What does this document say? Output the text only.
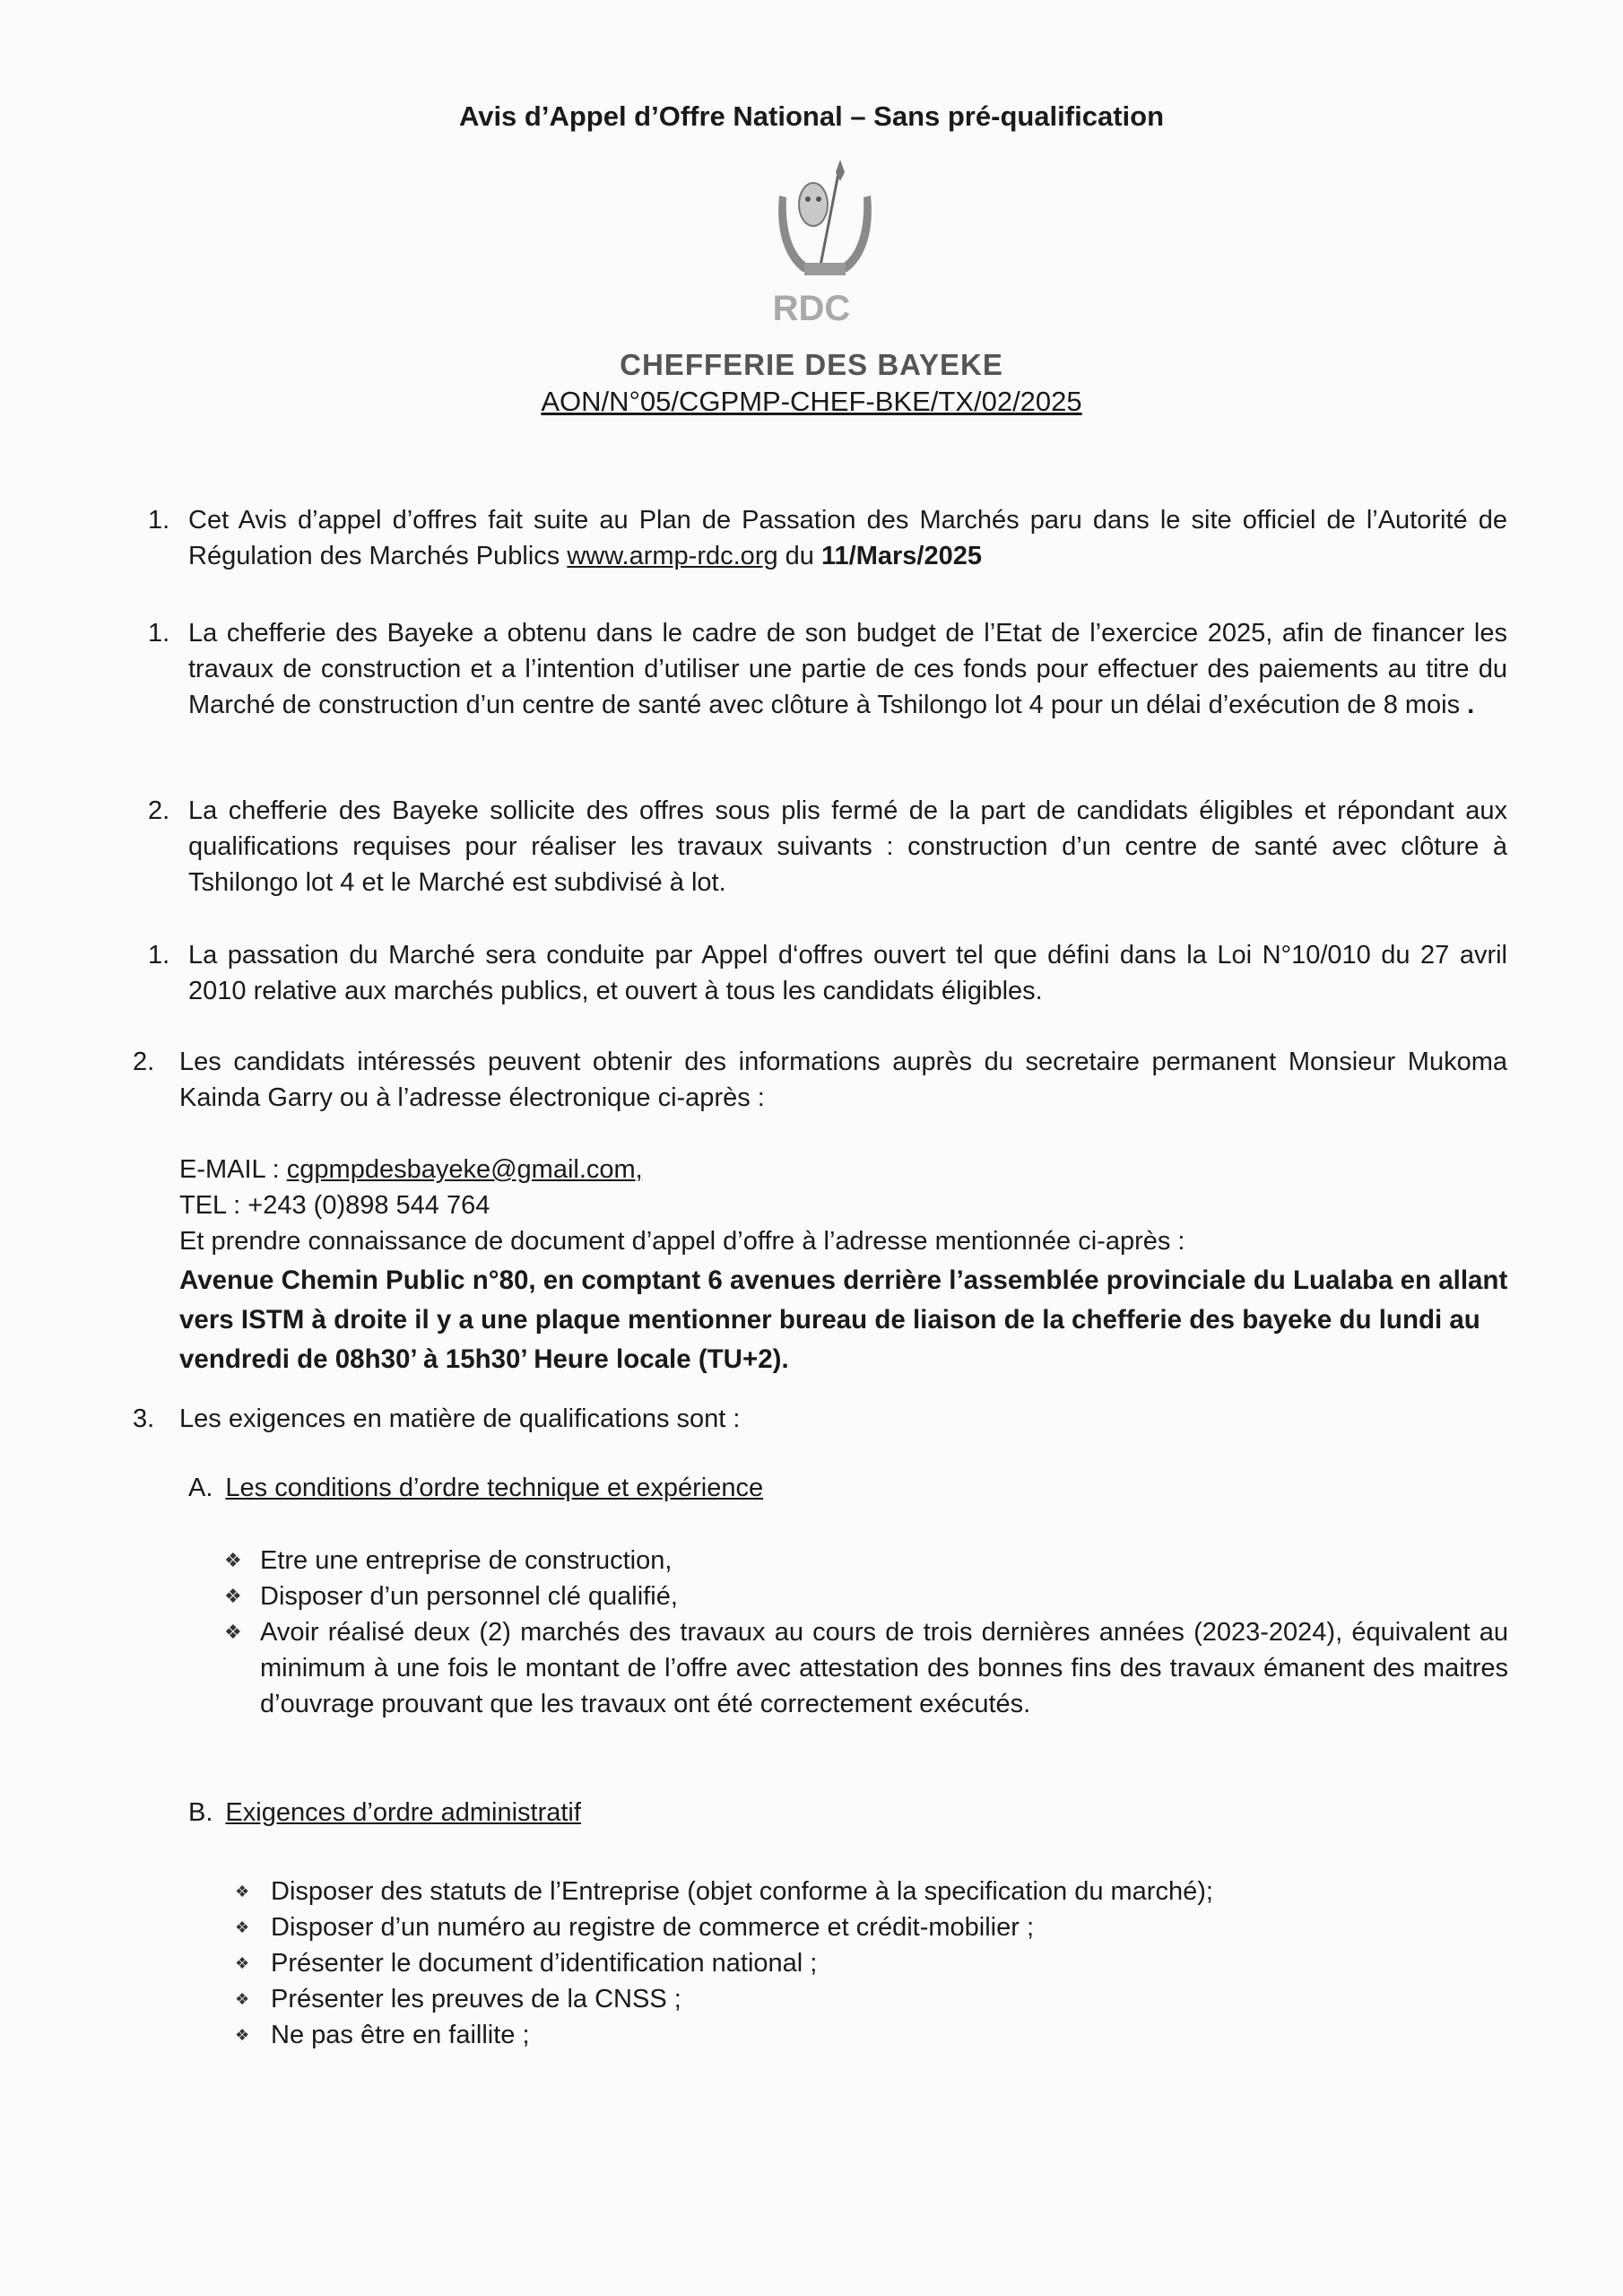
Avis d’Appel d’Offre National – Sans pré-qualification
RDC
CHEFFERIE DES BAYEKE
AON/N°05/CGPMP-CHEF-BKE/TX/02/2025
1. Cet Avis d’appel d’offres fait suite au Plan de Passation des Marchés paru dans le site officiel de l’Autorité de Régulation des Marchés Publics www.armp-rdc.org du 11/Mars/2025
1. La chefferie des Bayeke a obtenu dans le cadre de son budget de l’Etat de l’exercice 2025, afin de financer les travaux de construction et a l’intention d’utiliser une partie de ces fonds pour effectuer des paiements au titre du Marché de construction d’un centre de santé avec clôture à Tshilongo lot 4 pour un délai d’exécution de 8 mois .
2. La chefferie des Bayeke sollicite des offres sous plis fermé de la part de candidats éligibles et répondant aux qualifications requises pour réaliser les travaux suivants : construction d’un centre de santé avec clôture à Tshilongo lot 4 et le Marché est subdivisé à lot.
1. La passation du Marché sera conduite par Appel d‘offres ouvert tel que défini dans la Loi N°10/010 du 27 avril 2010 relative aux marchés publics, et ouvert à tous les candidats éligibles.
2. Les candidats intéressés peuvent obtenir des informations auprès du secretaire permanent Monsieur Mukoma Kainda Garry ou à l’adresse électronique ci-après :
E-MAIL : cgpmpdesbayeke@gmail.com,
TEL : +243 (0)898 544 764
Et prendre connaissance de document d’appel d’offre à l’adresse mentionnée ci-après :
Avenue Chemin Public n°80, en comptant 6 avenues derrière l’assemblée provinciale du Lualaba en allant vers ISTM à droite il y a une plaque mentionner bureau de liaison de la chefferie des bayeke du lundi au vendredi de 08h30’ à 15h30’ Heure locale (TU+2).
3. Les exigences en matière de qualifications sont :
A. Les conditions d’ordre technique et expérience
❖ Etre une entreprise de construction,
❖ Disposer d’un personnel clé qualifié,
❖ Avoir réalisé deux (2) marchés des travaux au cours de trois dernières années (2023-2024), équivalent au minimum à une fois le montant de l’offre avec attestation des bonnes fins des travaux émanent des maitres d’ouvrage prouvant que les travaux ont été correctement exécutés.
B. Exigences d’ordre administratif
❖ Disposer des statuts de l’Entreprise (objet conforme à la specification du marché);
❖ Disposer d’un numéro au registre de commerce et crédit-mobilier ;
❖ Présenter le document d’identification national ;
❖ Présenter les preuves de la CNSS ;
❖ Ne pas être en faillite ;
